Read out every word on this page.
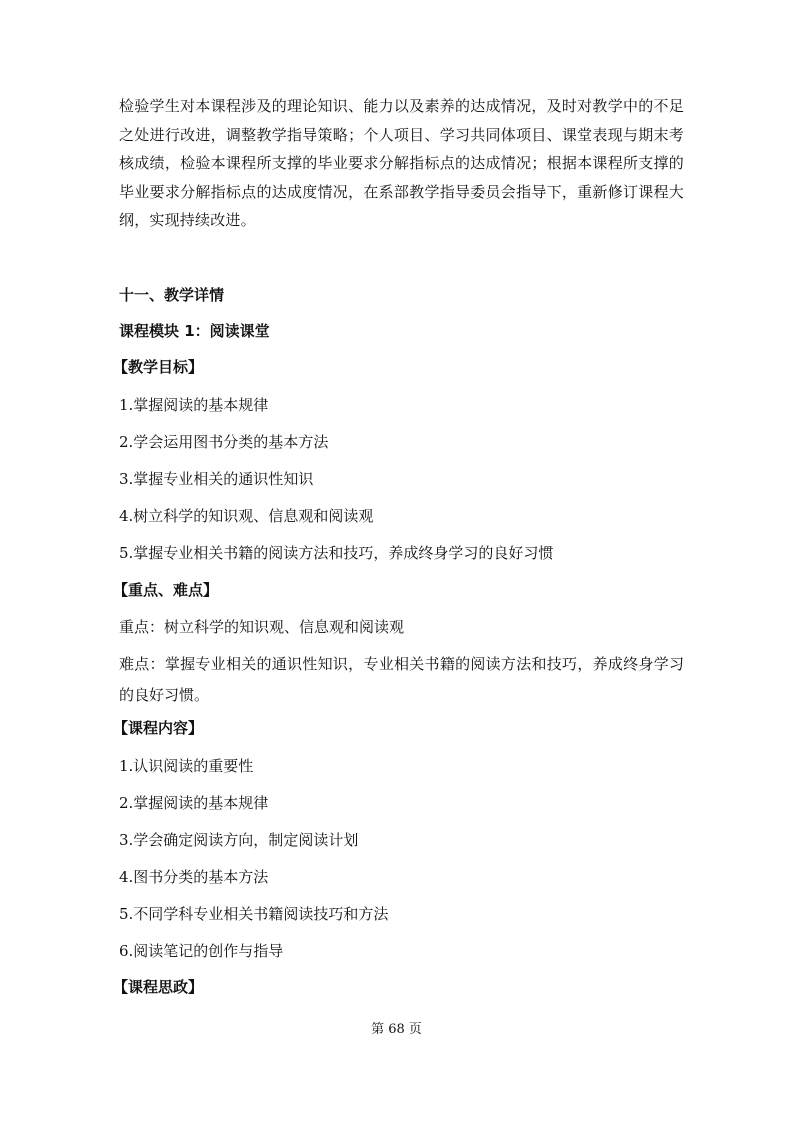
检验学生对本课程涉及的理论知识、能力以及素养的达成情况，及时对教学中的不足之处进行改进，调整教学指导策略；个人项目、学习共同体项目、课堂表现与期末考核成绩，检验本课程所支撑的毕业要求分解指标点的达成情况；根据本课程所支撑的毕业要求分解指标点的达成度情况，在系部教学指导委员会指导下，重新修订课程大纲，实现持续改进。

十一、教学详情
课程模块 1：阅读课堂
【教学目标】
1.掌握阅读的基本规律
2.学会运用图书分类的基本方法
3.掌握专业相关的通识性知识
4.树立科学的知识观、信息观和阅读观
5.掌握专业相关书籍的阅读方法和技巧，养成终身学习的良好习惯
【重点、难点】
重点：树立科学的知识观、信息观和阅读观
难点：掌握专业相关的通识性知识，专业相关书籍的阅读方法和技巧，养成终身学习的良好习惯。
【课程内容】
1.认识阅读的重要性
2.掌握阅读的基本规律
3.学会确定阅读方向，制定阅读计划
4.图书分类的基本方法
5.不同学科专业相关书籍阅读技巧和方法
6.阅读笔记的创作与指导
【课程思政】
第 68 页
